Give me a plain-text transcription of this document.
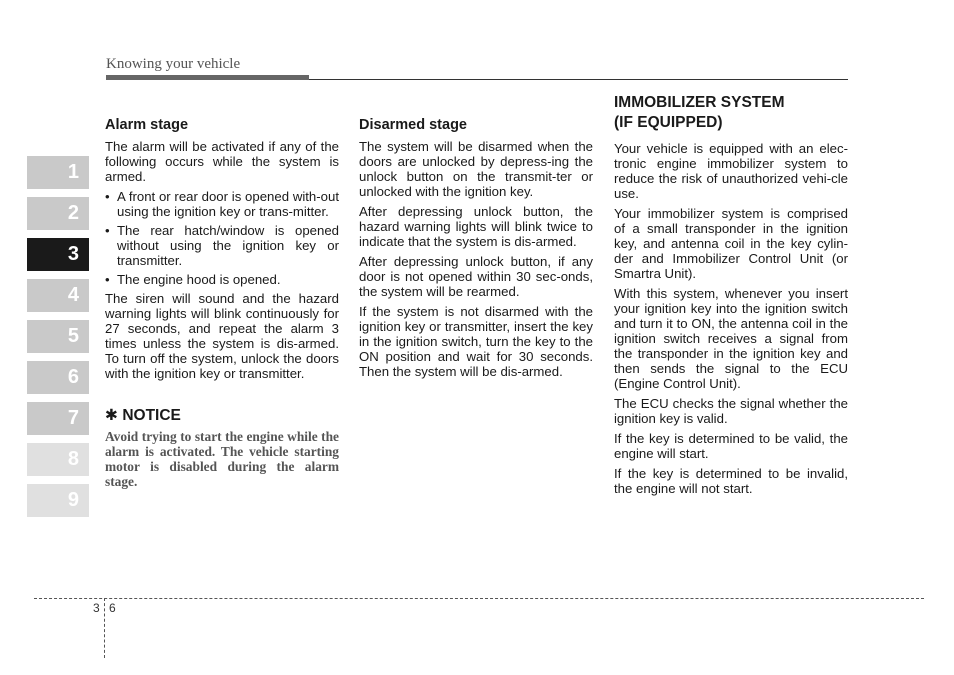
Knowing your vehicle
1
2
3
4
5
6
7
8
9
Alarm stage

The alarm will be activated if any of the following occurs while the system is armed.

• A front or rear door is opened with-out using the ignition key or trans-mitter.
• The rear hatch/window is opened without using the ignition key or transmitter.
• The engine hood is opened.

The siren will sound and the hazard warning lights will blink continuously for 27 seconds, and repeat the alarm 3 times unless the system is dis-armed. To turn off the system, unlock the doors with the ignition key or transmitter.

✱ NOTICE

Avoid trying to start the engine while the alarm is activated. The vehicle starting motor is disabled during the alarm stage.

Disarmed stage

The system will be disarmed when the doors are unlocked by depress-ing the unlock button on the transmit-ter or unlocked with the ignition key.

After depressing unlock button, the hazard warning lights will blink twice to indicate that the system is dis-armed.

After depressing unlock button, if any door is not opened within 30 sec-onds, the system will be rearmed.

If the system is not disarmed with the ignition key or transmitter, insert the key in the ignition switch, turn the key to the ON position and wait for 30 seconds. Then the system will be dis-armed.

IMMOBILIZER SYSTEM
(IF EQUIPPED)

Your vehicle is equipped with an elec-tronic engine immobilizer system to reduce the risk of unauthorized vehi-cle use.

Your immobilizer system is comprised of a small transponder in the ignition key, and antenna coil in the key cylin-der and Immobilizer Control Unit (or Smartra Unit).

With this system, whenever you insert your ignition key into the ignition switch and turn it to ON, the antenna coil in the ignition switch receives a signal from the transponder in the ignition key and then sends the signal to the ECU (Engine Control Unit).

The ECU checks the signal whether the ignition key is valid.

If the key is determined to be valid, the engine will start.

If the key is determined to be invalid, the engine will not start.

3 6
